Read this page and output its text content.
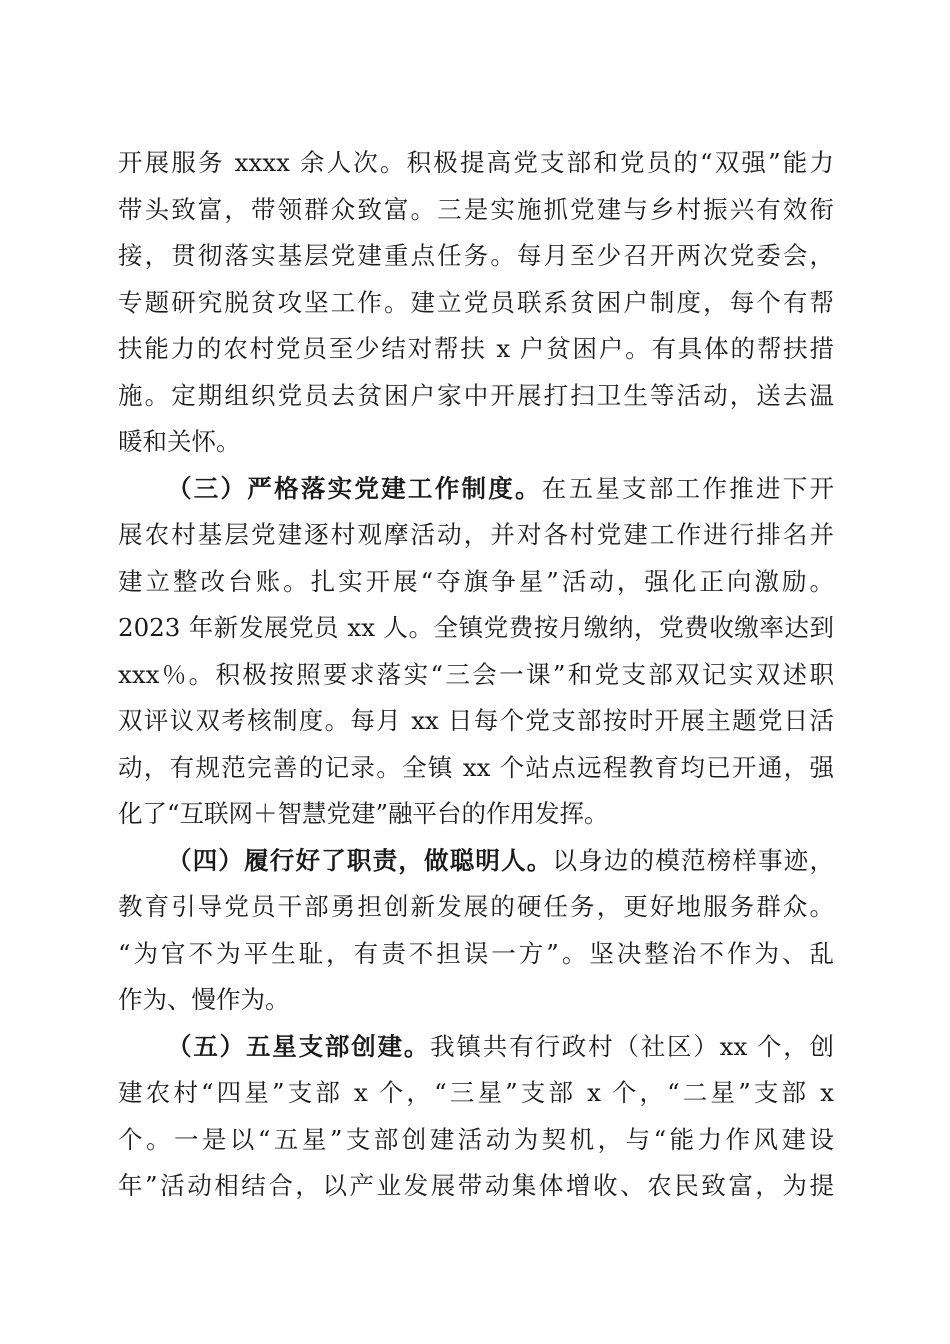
开展服务 xxxx 余人次。积极提高党支部和党员的“双强”能力
带头致富，带领群众致富。三是实施抓党建与乡村振兴有效衔
接，贯彻落实基层党建重点任务。每月至少召开两次党委会，
专题研究脱贫攻坚工作。建立党员联系贫困户制度，每个有帮
扶能力的农村党员至少结对帮扶 x 户贫困户。有具体的帮扶措
施。定期组织党员去贫困户家中开展打扫卫生等活动，送去温
暖和关怀。
（三）严格落实党建工作制度。在五星支部工作推进下开
展农村基层党建逐村观摩活动，并对各村党建工作进行排名并
建立整改台账。扎实开展“夺旗争星”活动，强化正向激励。
2023 年新发展党员 xx 人。全镇党费按月缴纳，党费收缴率达到
xxx％。积极按照要求落实“三会一课”和党支部双记实双述职
双评议双考核制度。每月 xx 日每个党支部按时开展主题党日活
动，有规范完善的记录。全镇 xx 个站点远程教育均已开通，强
化了“互联网＋智慧党建”融平台的作用发挥。
（四）履行好了职责，做聪明人。以身边的模范榜样事迹，
教育引导党员干部勇担创新发展的硬任务，更好地服务群众。
“为官不为平生耻，有责不担误一方”。坚决整治不作为、乱
作为、慢作为。
（五）五星支部创建。我镇共有行政村（社区）xx 个，创
建农村“四星”支部 x 个，“三星”支部 x 个，“二星”支部 x
个。一是以“五星”支部创建活动为契机，与“能力作风建设
年”活动相结合，以产业发展带动集体增收、农民致富，为提
